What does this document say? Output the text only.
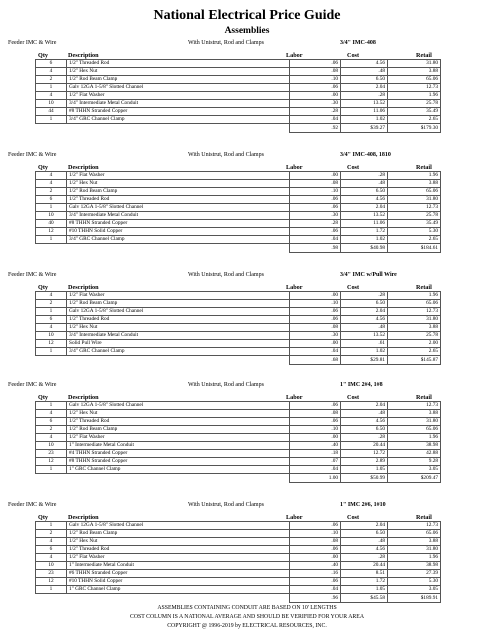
National Electrical Price Guide
Assemblies
Feeder IMC & Wire	With Unistrut, Rod and Clamps	3/4" IMC-408
Qty	Description	Labor	Cost	Retail
6	1/2" Threaded Rod	.06	4.56	31.80
4	1/2" Hex Nut	.08	.48	3.88
2	1/2" Rod Beam Clamp	.10	6.50	65.06
1	Galv 12GA 1-5/8" Slotted Channel	.06	2.04	12.73
4	1/2" Flat Washer	.00	.28	1.96
10	3/4" Intermediate Metal Conduit	.30	13.52	25.78
44	#8 THHN Stranded Copper	.28	11.06	35.49
1	3/4" GRC Channel Clamp	.04	1.02	2.65
		.92	$39.27	$179.30
Feeder IMC & Wire	With Unistrut, Rod and Clamps	3/4" IMC-408, 1810
Qty	Description	Labor	Cost	Retail
4	1/2" Flat Washer	.00	.28	1.96
4	1/2" Hex Nut	.08	.48	3.88
2	1/2" Rod Beam Clamp	.10	6.50	65.06
6	1/2" Threaded Rod	.06	4.56	31.80
1	Galv 12GA 1-5/8" Slotted Channel	.06	2.04	12.73
10	3/4" Intermediate Metal Conduit	.30	13.52	25.78
40	#8 THHN Stranded Copper	.28	11.06	35.49
12	#10 THHN Solid Copper	.06	1.72	5.30
1	3/4" GRC Channel Clamp	.04	1.02	2.65
		.98	$40.98	$184.61
Feeder IMC & Wire	With Unistrut, Rod and Clamps	3/4" IMC w/Pull Wire
Qty	Description	Labor	Cost	Retail
4	1/2" Flat Washer	.00	.28	1.96
2	1/2" Rod Beam Clamp	.10	6.50	65.06
1	Galv 12GA 1-5/8" Slotted Channel	.06	2.04	12.73
6	1/2" Threaded Rod	.06	4.56	31.80
4	1/2" Hex Nut	.08	.48	3.88
10	3/4" Intermediate Metal Conduit	.30	13.52	25.78
12	Solid Pull Wire	.00	.61	2.00
1	3/4" GRC Channel Clamp	.04	1.02	2.65
		.68	$29.81	$145.87
Feeder IMC & Wire	With Unistrut, Rod and Clamps	1" IMC 2#4, 1#8
Qty	Description	Labor	Cost	Retail
1	Galv 12GA 1-5/8" Slotted Channel	.06	2.04	12.73
4	1/2" Hex Nut	.08	.48	3.88
6	1/2" Threaded Rod	.06	4.56	31.80
2	1/2" Rod Beam Clamp	.10	6.50	65.06
4	1/2" Flat Washer	.00	.28	1.96
10	1" Intermediate Metal Conduit	.40	20.44	38.98
23	#4 THHN Stranded Copper	.18	12.72	42.88
12	#8 THHN Stranded Copper	.07	2.89	9.28
1	1" GRC Channel Clamp	.04	1.05	3.05
		1.00	$50.99	$209.47
Feeder IMC & Wire	With Unistrut, Rod and Clamps	1" IMC 2#6, 1#10
Qty	Description	Labor	Cost	Retail
1	Galv 12GA 1-5/8" Slotted Channel	.06	2.04	12.73
2	1/2" Rod Beam Clamp	.10	6.50	65.06
4	1/2" Hex Nut	.08	.48	3.88
6	1/2" Threaded Rod	.06	4.56	31.80
4	1/2" Flat Washer	.00	.28	1.96
10	1" Intermediate Metal Conduit	.40	20.44	38.98
23	#6 THHN Stranded Copper	.16	8.51	27.39
12	#10 THHN Solid Copper	.06	1.72	5.30
1	1" GRC Channel Clamp	.04	1.05	3.05
		.96	$45.58	$189.91
ASSEMBLIES CONTAINING CONDUIT ARE BASED ON 10' LENGTHS
COST COLUMN IS A NATIONAL AVERAGE AND SHOULD BE VERIFIED FOR YOUR AREA
COPYRIGHT @ 1996-2019 by ELECTRICAL RESOURCES, INC.
